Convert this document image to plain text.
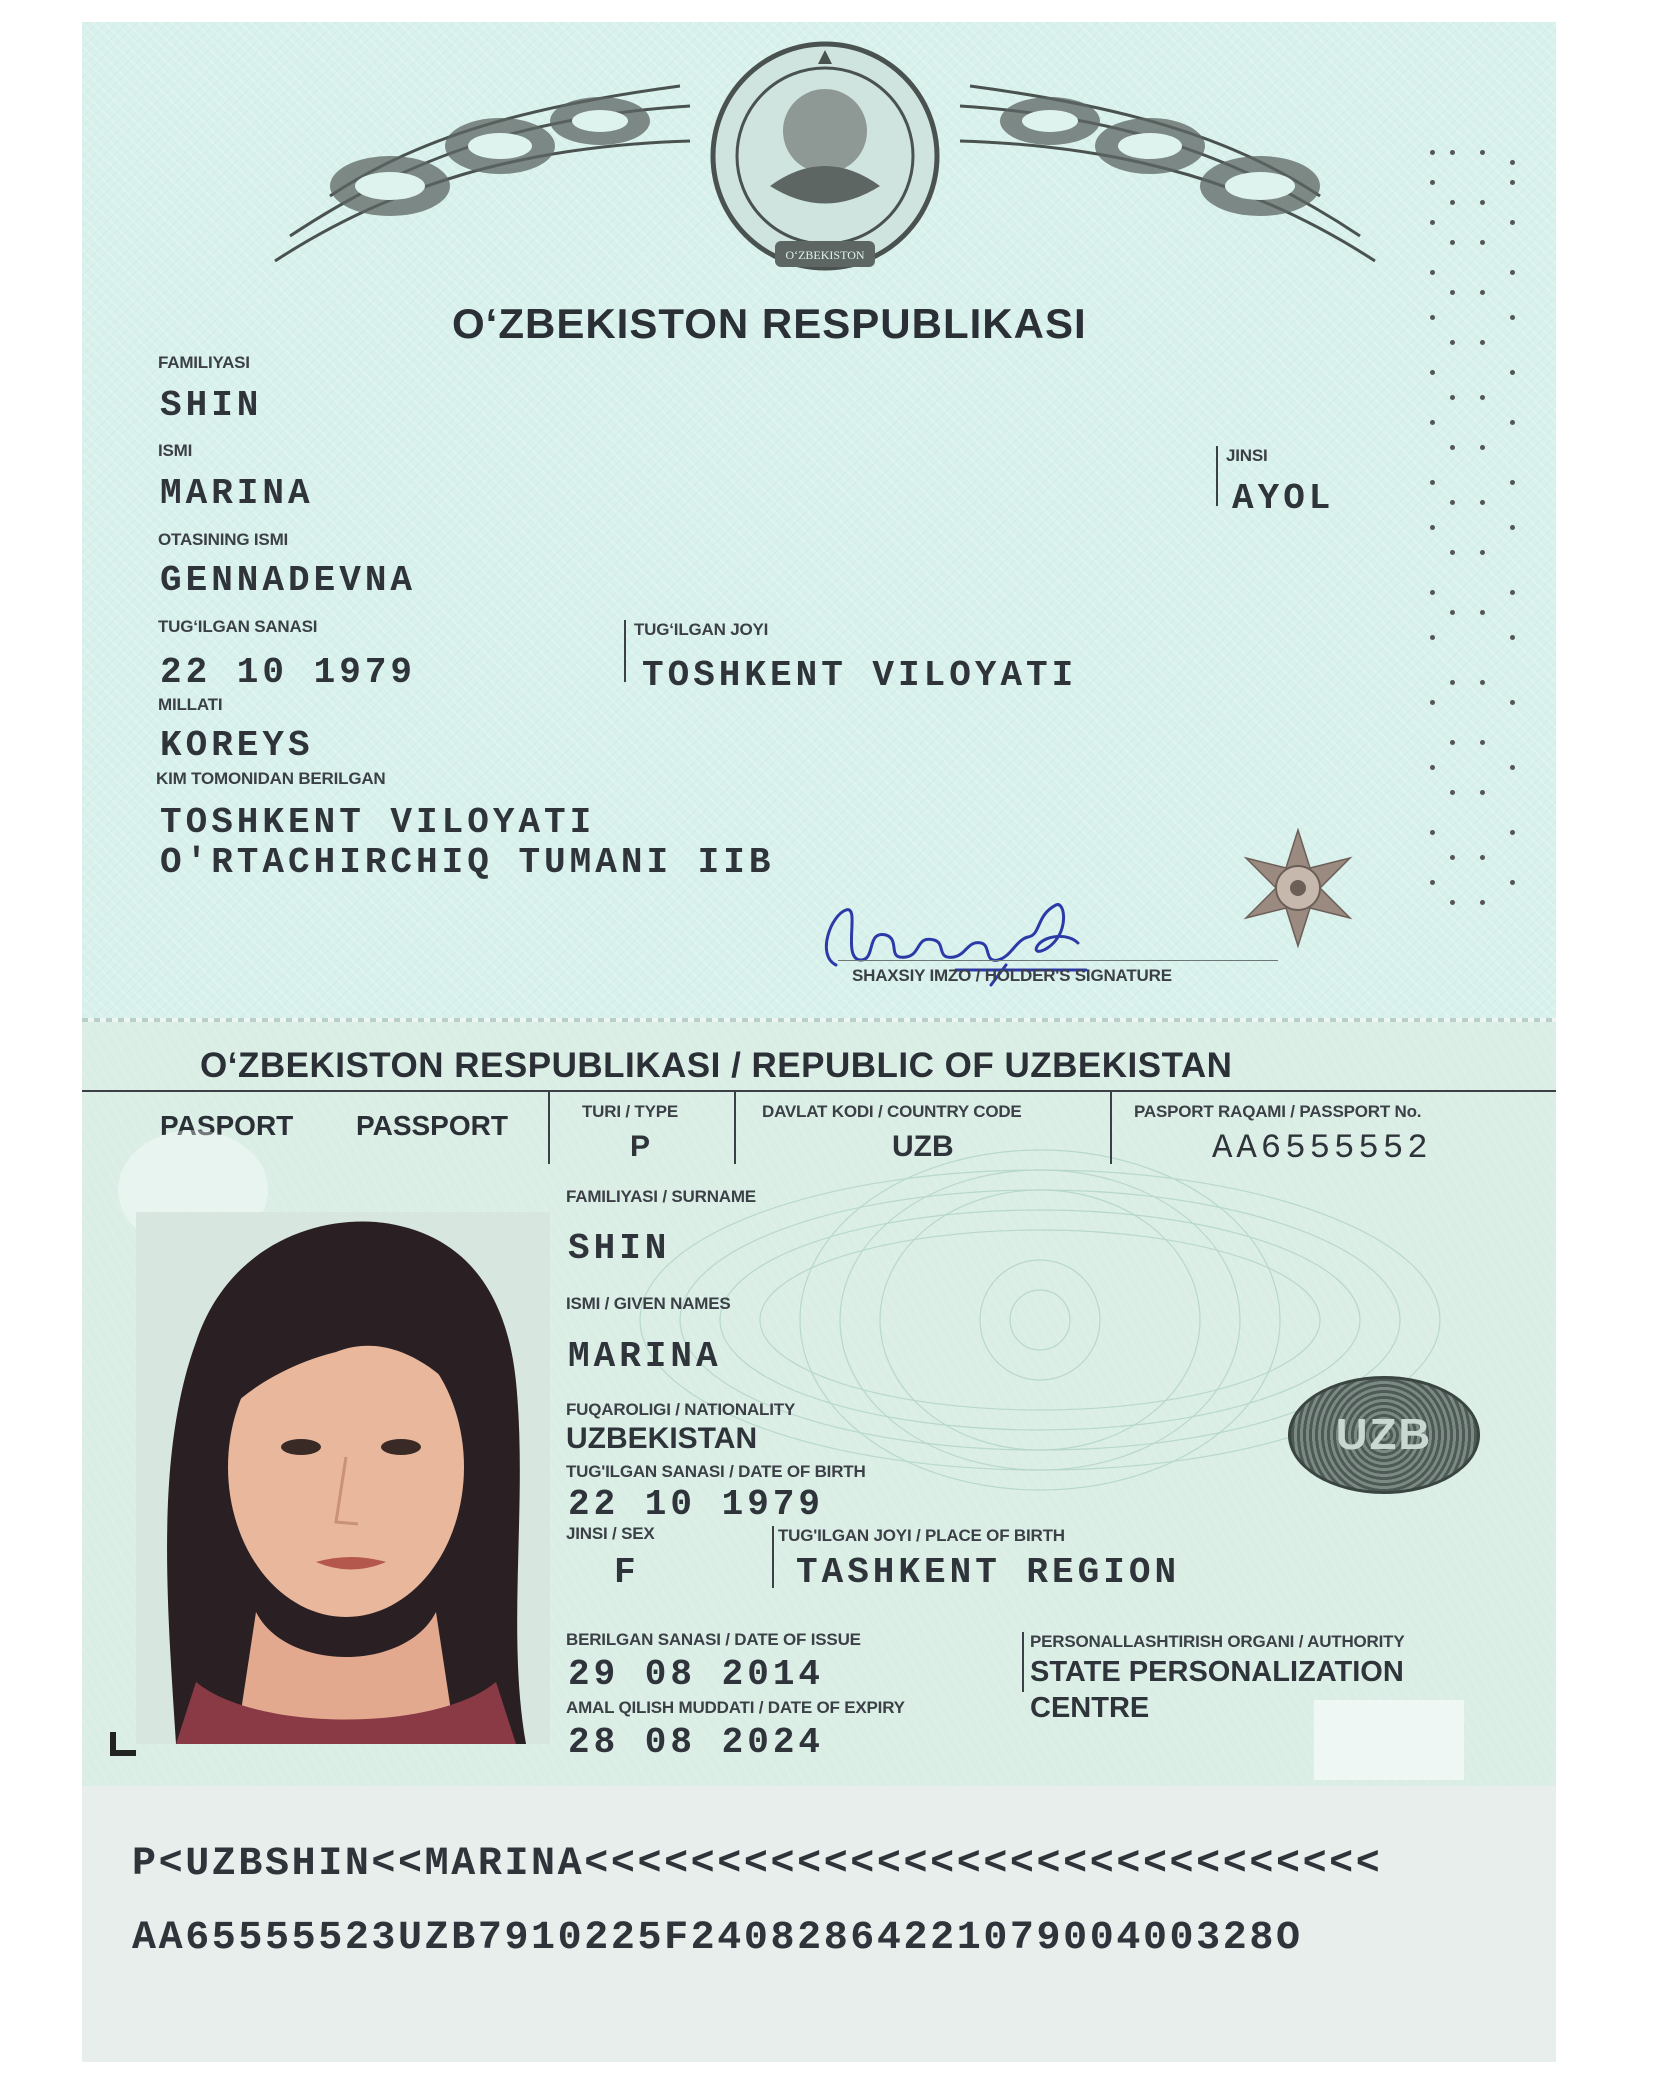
O‘ZBEKISTON
O‘ZBEKISTON RESPUBLIKASI
FAMILIYASI
SHIN
ISMI
MARINA
JINSI
AYOL
OTASINING ISMI
GENNADEVNA
TUG‘ILGAN SANASI
22 10 1979
TUG‘ILGAN JOYI
TOSHKENT VILOYATI
MILLATI
KOREYS
KIM TOMONIDAN BERILGAN
TOSHKENT VILOYATI
O'RTACHIRCHIQ TUMANI IIB
SHAXSIY IMZO / HOLDER'S SIGNATURE
O‘ZBEKISTON RESPUBLIKASI / REPUBLIC OF UZBEKISTAN
PASPORT PASSPORT	TURI / TYPE
P
DAVLAT KODI / COUNTRY CODE
UZB
PASPORT RAQAMI / PASSPORT No.
AA6555552
FAMILIYASI / SURNAME
SHIN
ISMI / GIVEN NAMES
MARINA
FUQAROLIGI / NATIONALITY
UZBEKISTAN
TUG'ILGAN SANASI / DATE OF BIRTH
22 10 1979
JINSI / SEX
F
TUG'ILGAN JOYI / PLACE OF BIRTH
TASHKENT REGION
BERILGAN SANASI / DATE OF ISSUE
29 08 2014
PERSONALLASHTIRISH ORGANI / AUTHORITY
STATE PERSONALIZATION
CENTRE
AMAL QILISH MUDDATI / DATE OF EXPIRY
28 08 2024
UZB
P<UZBSHIN<<MARINA<<<<<<<<<<<<<<<<<<<<<<<<<<<<<<
AA65555523UZB7910225F2408286422107900400328O
